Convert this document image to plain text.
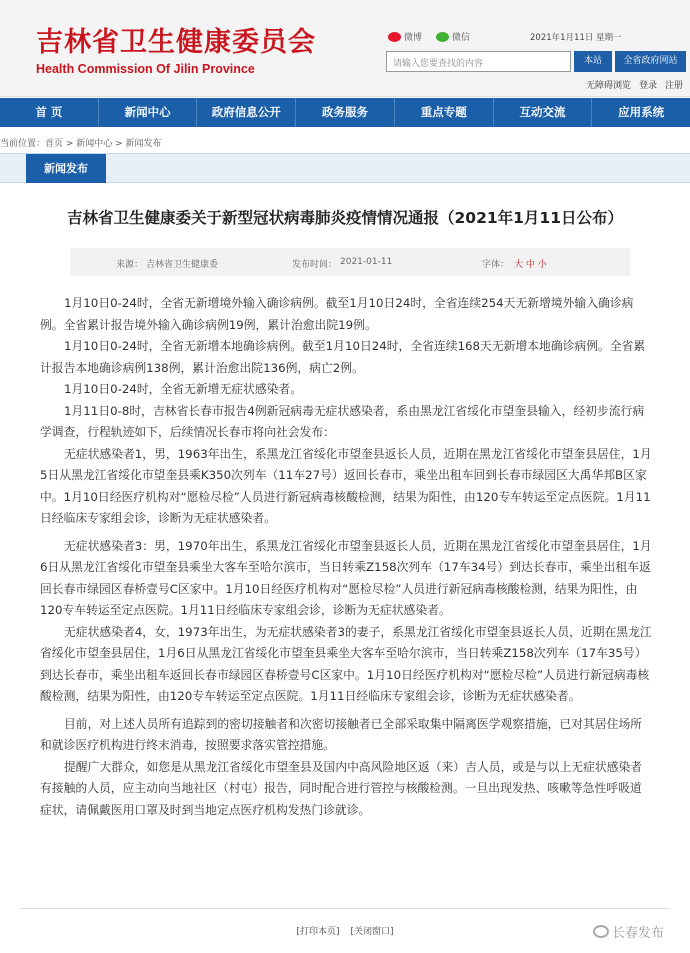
吉林省卫生健康委员会
Health Commission Of Jilin Province
微博	微信	2021年1月11日 星期一
请输入您要查找的内容	本站	全省政府网站
无障碍浏览 登录 注册
首 页	新闻中心	政府信息公开	政务服务	重点专题	互动交流	应用系统
当前位置：首页 > 新闻中心 > 新闻发布
新闻发布
吉林省卫生健康委关于新型冠状病毒肺炎疫情情况通报（2021年1月11日公布）
来源： 吉林省卫生健康委	发布时间： 2021-01-11	字体： 大 中 小

1月10日0-24时，全省无新增境外输入确诊病例。截至1月10日24时，全省连续254天无新增境外输入确诊病例。全省累计报告境外输入确诊病例19例，累计治愈出院19例。

1月10日0-24时，全省无新增本地确诊病例。截至1月10日24时，全省连续168天无新增本地确诊病例。全省累计报告本地确诊病例138例，累计治愈出院136例，病亡2例。

1月10日0-24时，全省无新增无症状感染者。

1月11日0-8时，吉林省长春市报告4例新冠病毒无症状感染者，系由黑龙江省绥化市望奎县输入，经初步流行病学调查，行程轨迹如下，后续情况长春市将向社会发布：

无症状感染者1，男，1963年出生，系黑龙江省绥化市望奎县返长人员，近期在黑龙江省绥化市望奎县居住，1月5日从黑龙江省绥化市望奎县乘K350次列车（11车27号）返回长春市，乘坐出租车回到长春市绿园区大禹华邦B区家中。1月10日经医疗机构对“愿检尽检”人员进行新冠病毒核酸检测，结果为阳性，由120专车转运至定点医院。1月11日经临床专家组会诊，诊断为无症状感染者。

无症状感染者3：男，1970年出生，系黑龙江省绥化市望奎县返长人员，近期在黑龙江省绥化市望奎县居住，1月6日从黑龙江省绥化市望奎县乘坐大客车至哈尔滨市，当日转乘Z158次列车（17车34号）到达长春市，乘坐出租车返回长春市绿园区春桥壹号C区家中。1月10日经医疗机构对“愿检尽检”人员进行新冠病毒核酸检测，结果为阳性，由120专车转运至定点医院。1月11日经临床专家组会诊，诊断为无症状感染者。

无症状感染者4，女，1973年出生，为无症状感染者3的妻子，系黑龙江省绥化市望奎县返长人员，近期在黑龙江省绥化市望奎县居住，1月6日从黑龙江省绥化市望奎县乘坐大客车至哈尔滨市，当日转乘Z158次列车（17车35号）到达长春市，乘坐出租车返回长春市绿园区春桥壹号C区家中。1月10日经医疗机构对“愿检尽检”人员进行新冠病毒核酸检测，结果为阳性，由120专车转运至定点医院。1月11日经临床专家组会诊，诊断为无症状感染者。

目前，对上述人员所有追踪到的密切接触者和次密切接触者已全部采取集中隔离医学观察措施，已对其居住场所和就诊医疗机构进行终末消毒，按照要求落实管控措施。

提醒广大群众，如您是从黑龙江省绥化市望奎县及国内中高风险地区返（来）吉人员，或是与以上无症状感染者有接触的人员，应主动向当地社区（村屯）报告，同时配合进行管控与核酸检测。一旦出现发热、咳嗽等急性呼吸道症状，请佩戴医用口罩及时到当地定点医疗机构发热门诊就诊。

[打印本页] [关闭窗口]	长春发布
